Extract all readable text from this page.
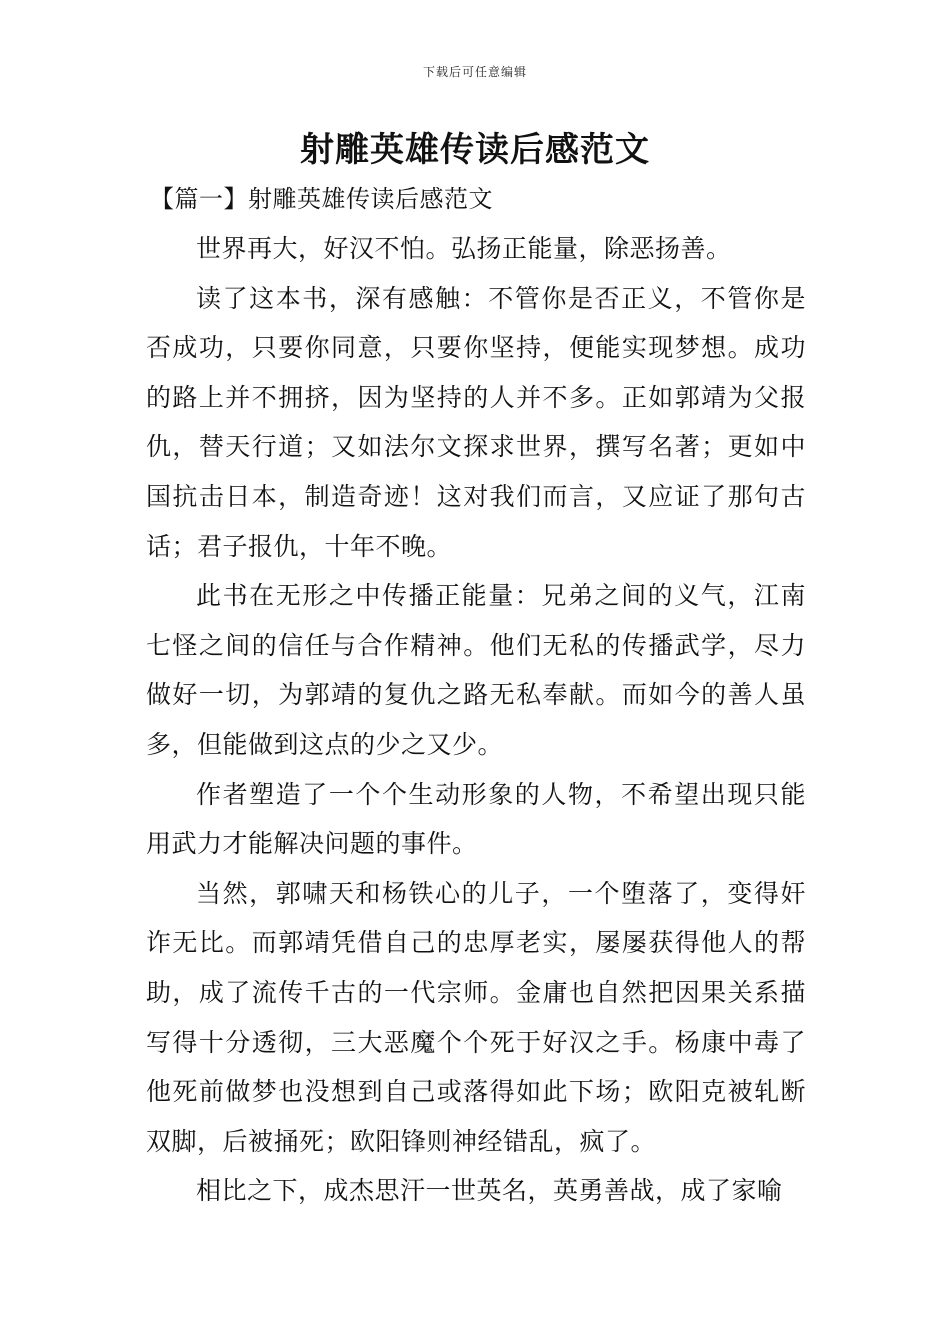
下载后可任意编辑
射雕英雄传读后感范文
【篇一】射雕英雄传读后感范文

世界再大，好汉不怕。弘扬正能量，除恶扬善。

读了这本书，深有感触：不管你是否正义，不管你是否成功，只要你同意，只要你坚持，便能实现梦想。成功的路上并不拥挤，因为坚持的人并不多。正如郭靖为父报仇，替天行道；又如法尔文探求世界，撰写名著；更如中国抗击日本，制造奇迹！这对我们而言，又应证了那句古话；君子报仇，十年不晚。

此书在无形之中传播正能量：兄弟之间的义气，江南七怪之间的信任与合作精神。他们无私的传播武学，尽力做好一切，为郭靖的复仇之路无私奉献。而如今的善人虽多，但能做到这点的少之又少。

作者塑造了一个个生动形象的人物，不希望出现只能用武力才能解决问题的事件。

当然，郭啸天和杨铁心的儿子，一个堕落了，变得奸诈无比。而郭靖凭借自己的忠厚老实，屡屡获得他人的帮助，成了流传千古的一代宗师。金庸也自然把因果关系描写得十分透彻，三大恶魔个个死于好汉之手。杨康中毒了他死前做梦也没想到自己或落得如此下场；欧阳克被轧断双脚，后被捅死；欧阳锋则神经错乱，疯了。

相比之下，成杰思汗一世英名，英勇善战，成了家喻
